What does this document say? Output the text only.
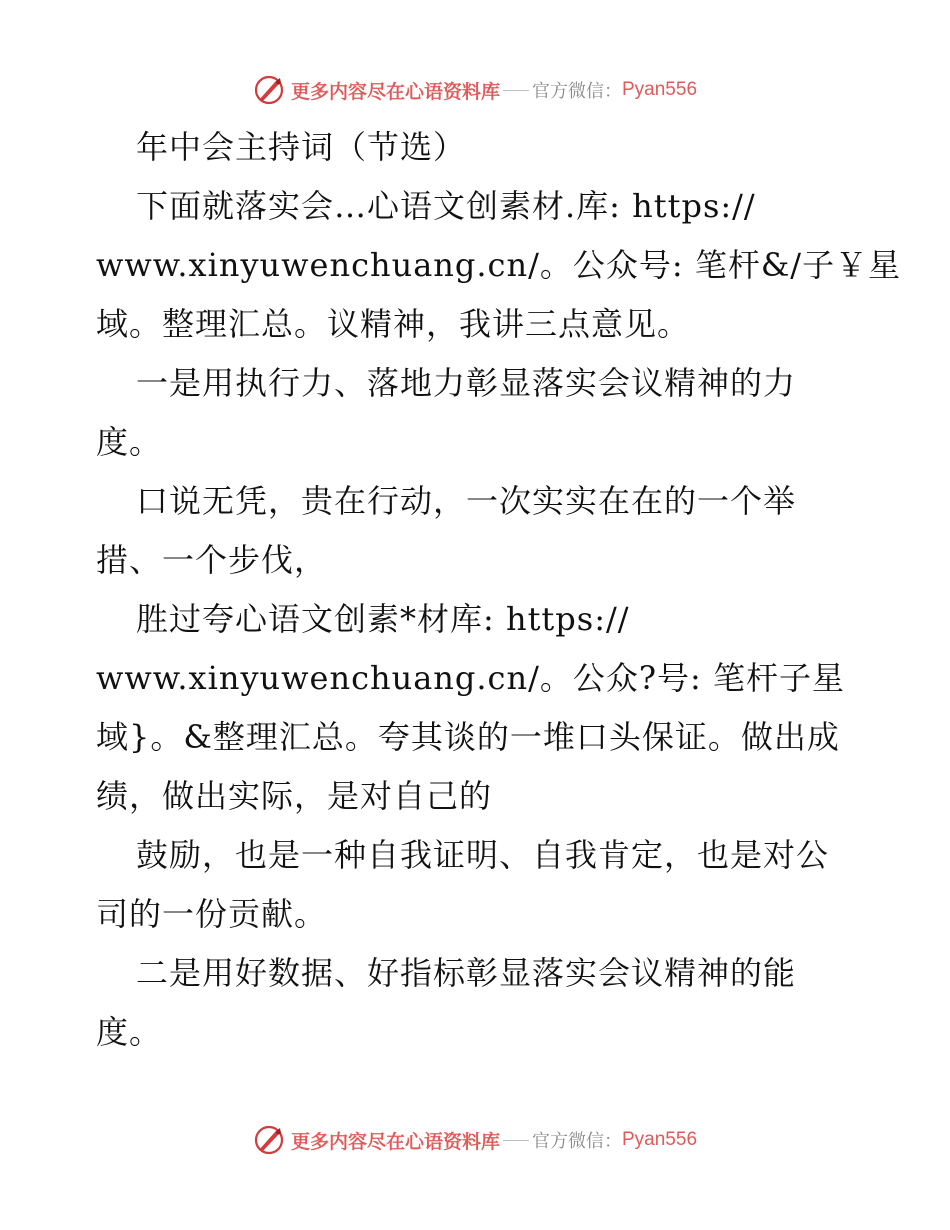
更多内容尽在心语资料库 官方微信： Pyan556
年中会主持词（节选）
下面就落实会…心语文创素材.库: https://
www.xinyuwenchuang.cn/。公众号: 笔杆&/子￥星
域。整理汇总。议精神，我讲三点意见。
一是用执行力、落地力彰显落实会议精神的力
度。
口说无凭，贵在行动，一次实实在在的一个举
措、一个步伐，
胜过夸心语文创素*材库: https://
www.xinyuwenchuang.cn/。公众?号: 笔杆子星
域}。&整理汇总。夸其谈的一堆口头保证。做出成
绩，做出实际，是对自己的
鼓励，也是一种自我证明、自我肯定，也是对公
司的一份贡献。
二是用好数据、好指标彰显落实会议精神的能
度。
更多内容尽在心语资料库 官方微信： Pyan556
